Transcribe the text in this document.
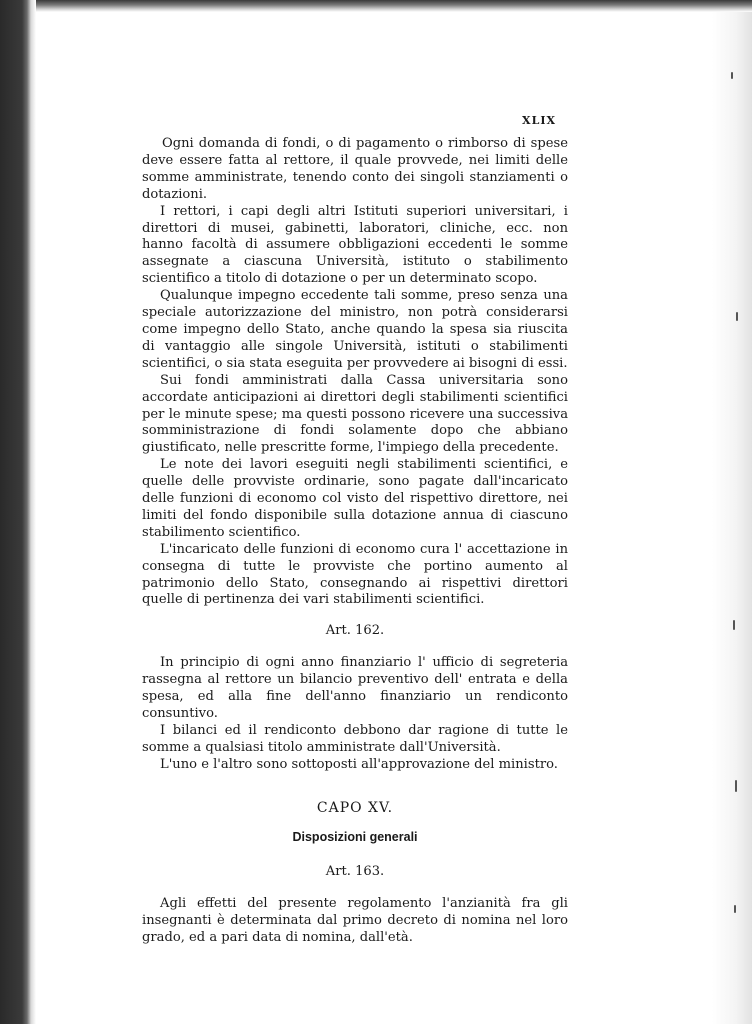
XLIX

Ogni domanda di fondi, o di pagamento o rimborso di spese deve essere fatta al rettore, il quale provvede, nei limiti delle somme amministrate, tenendo conto dei singoli stanziamenti o dotazioni.

I rettori, i capi degli altri Istituti superiori universitari, i direttori di musei, gabinetti, laboratori, cliniche, ecc. non hanno facoltà di assumere obbligazioni eccedenti le somme assegnate a ciascuna Università, istituto o stabilimento scientifico a titolo di dotazione o per un determinato scopo.

Qualunque impegno eccedente tali somme, preso senza una speciale autorizzazione del ministro, non potrà considerarsi come impegno dello Stato, anche quando la spesa sia riuscita di vantaggio alle singole Università, istituti o stabilimenti scientifici, o sia stata eseguita per provvedere ai bisogni di essi.

Sui fondi amministrati dalla Cassa universitaria sono accordate anticipazioni ai direttori degli stabilimenti scientifici per le minute spese; ma questi possono ricevere una successiva somministrazione di fondi solamente dopo che abbiano giustificato, nelle prescritte forme, l'impiego della precedente.

Le note dei lavori eseguiti negli stabilimenti scientifici, e quelle delle provviste ordinarie, sono pagate dall'incaricato delle funzioni di economo col visto del rispettivo direttore, nei limiti del fondo disponibile sulla dotazione annua di ciascuno stabilimento scientifico.

L'incaricato delle funzioni di economo cura l' accettazione in consegna di tutte le provviste che portino aumento al patrimonio dello Stato, consegnando ai rispettivi direttori quelle di pertinenza dei vari stabilimenti scientifici.

Art. 162.

In principio di ogni anno finanziario l' ufficio di segreteria rassegna al rettore un bilancio preventivo dell' entrata e della spesa, ed alla fine dell'anno finanziario un rendiconto consuntivo.

I bilanci ed il rendiconto debbono dar ragione di tutte le somme a qualsiasi titolo amministrate dall'Università.

L'uno e l'altro sono sottoposti all'approvazione del ministro.

CAPO XV.
Disposizioni generali
Art. 163.

Agli effetti del presente regolamento l'anzianità fra gli insegnanti è determinata dal primo decreto di nomina nel loro grado, ed a pari data di nomina, dall'età.
